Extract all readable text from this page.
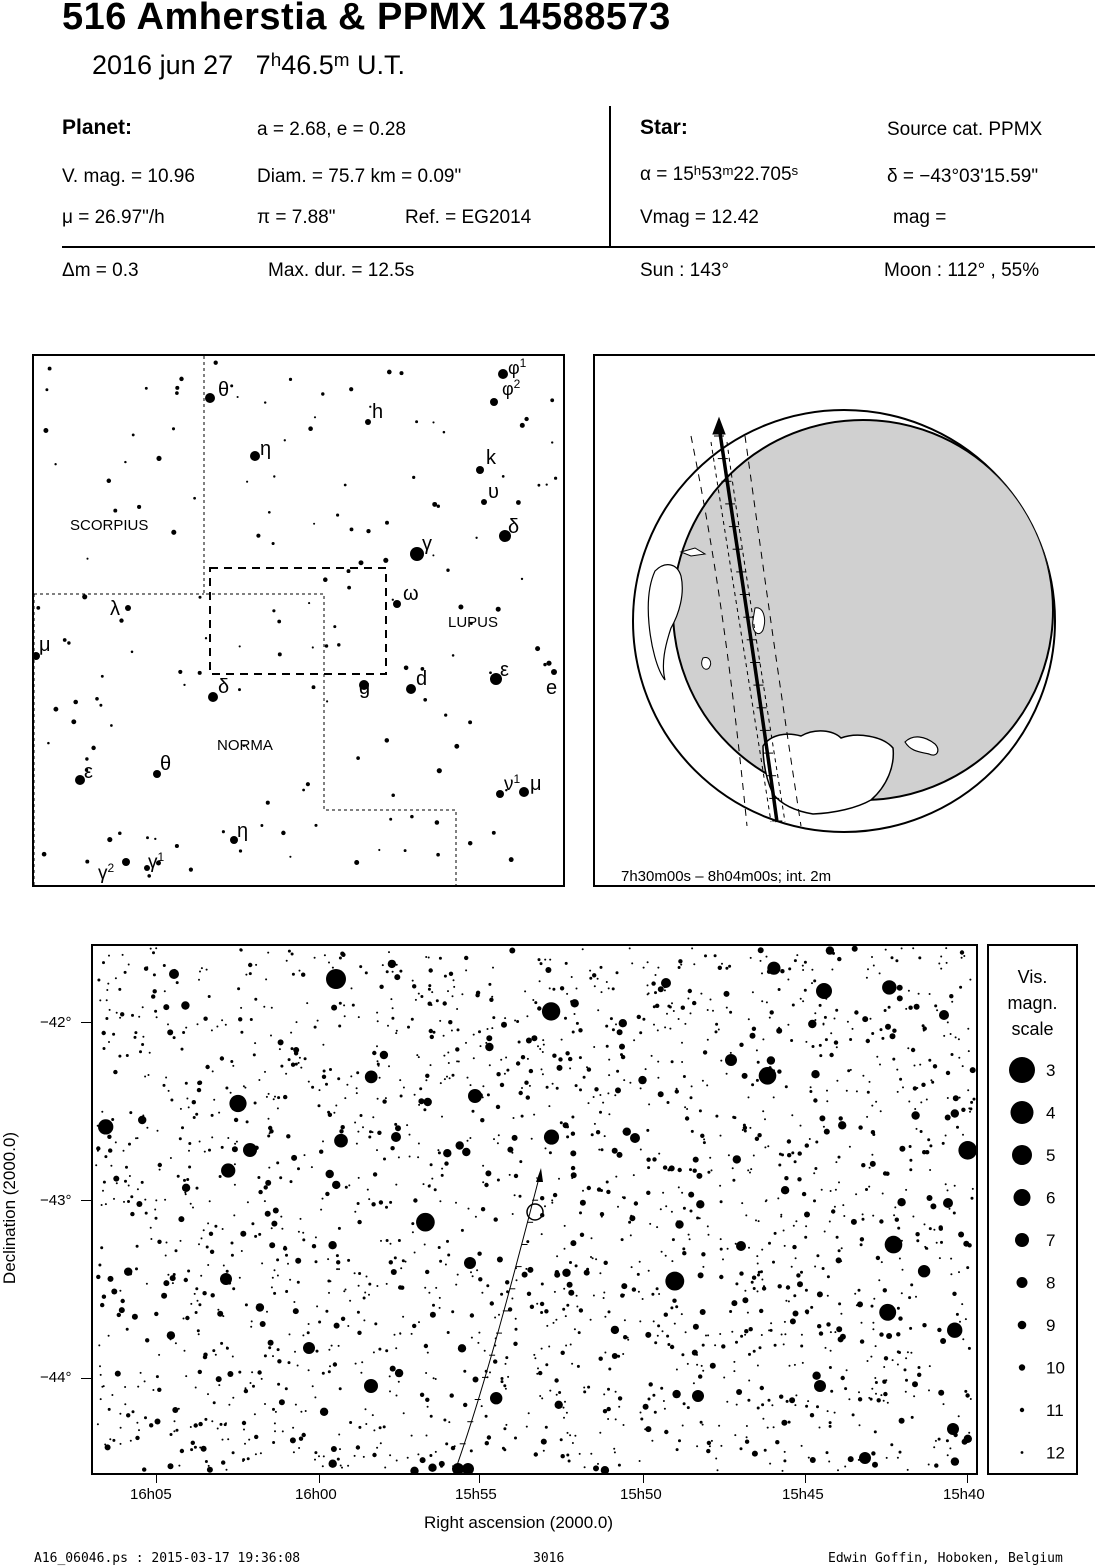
516 Amherstia & PPMX 14588573
2016 jun 27 7$^h$46.5$^m$ U.T.
Planet:	a = 2.68, e = 0.28
V. mag. = 10.96	Diam. = 75.7 km = 0.09"
μ = 26.97"/h	π = 7.88"	Ref. = EG2014
Star:	Source cat. PPMX
$\alpha = 15^h53^m22.705^s$	δ = −43°03'15.59"
Vmag = 12.42	mag =
Δm = 0.3	Max. dur. = 12.5s	Sun : 143°	Moon : 112° , 55%
SCORPIUS
LUPUS
NORMA
θ
h
$\varphi^1$
$\varphi^2$
η	k
υ
δ
γ
ω
λ
μ
δ	g d	ε
e
ε	θ
η
$\nu^1$ μ
$\gamma^2$ $\gamma^1$
7h30m00s – 8h04m00s; int. 2m
−42°
−43°
−44°
Declination (2000.0)
16h05	16h00	15h55	15h50	15h45	15h40
Right ascension (2000.0)
Vis.
magn.
scale
3
4
5
6
7
8
9
10
11
12
A16_06046.ps : 2015-03-17 19:36:08	3016	Edwin Goffin, Hoboken, Belgium
